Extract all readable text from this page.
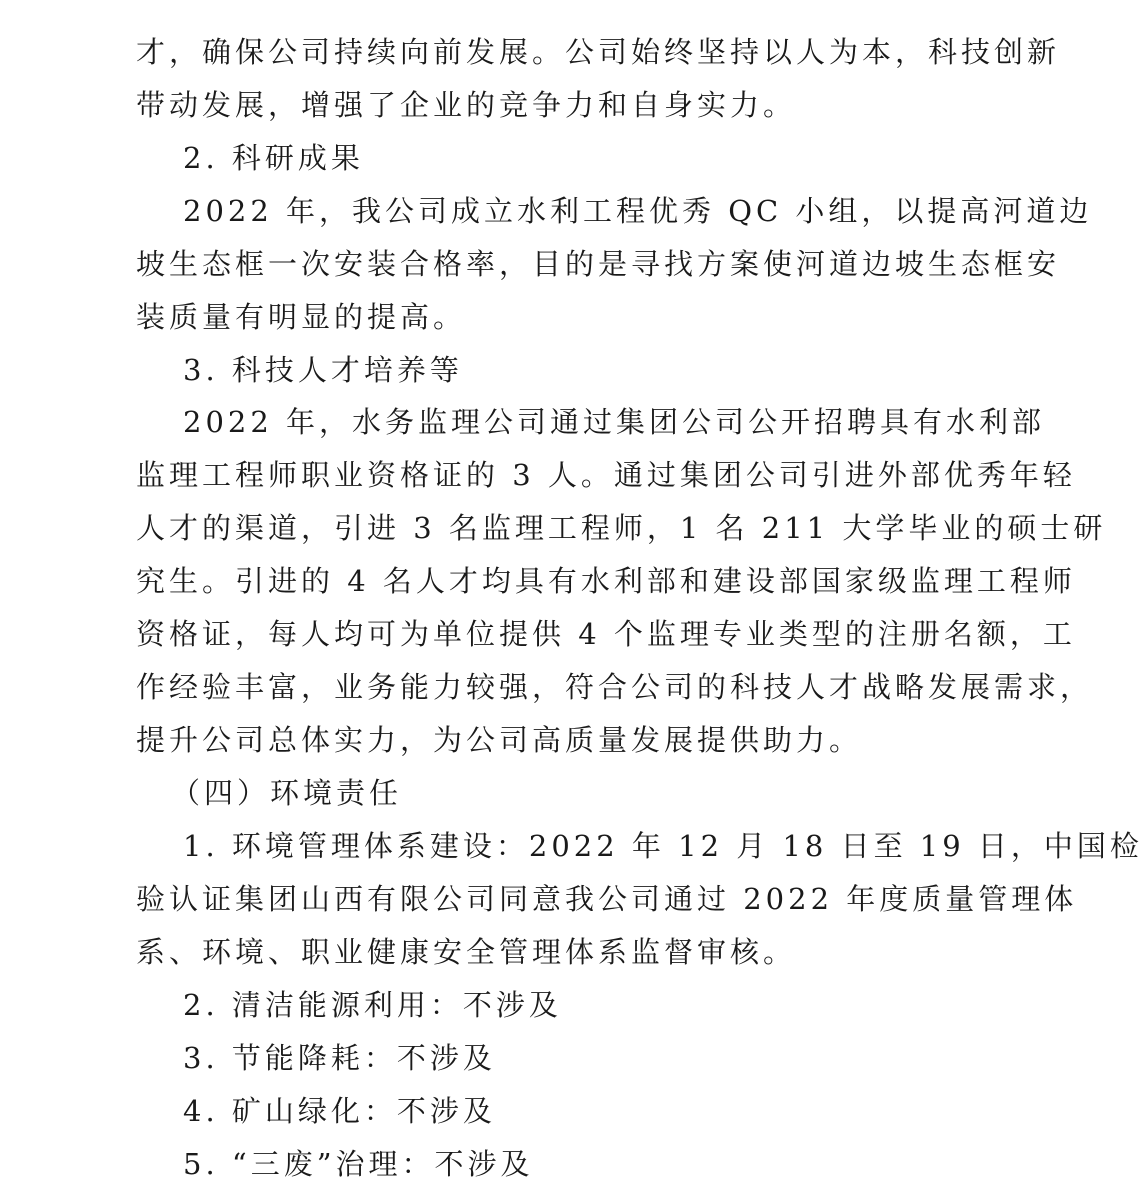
才，确保公司持续向前发展。公司始终坚持以人为本，科技创新
带动发展，增强了企业的竞争力和自身实力。
2. 科研成果
2022 年，我公司成立水利工程优秀 QC 小组，以提高河道边
坡生态框一次安装合格率，目的是寻找方案使河道边坡生态框安
装质量有明显的提高。
3. 科技人才培养等
2022 年，水务监理公司通过集团公司公开招聘具有水利部
监理工程师职业资格证的 3 人。通过集团公司引进外部优秀年轻
人才的渠道，引进 3 名监理工程师，1 名 211 大学毕业的硕士研
究生。引进的 4 名人才均具有水利部和建设部国家级监理工程师
资格证，每人均可为单位提供 4 个监理专业类型的注册名额，工
作经验丰富，业务能力较强，符合公司的科技人才战略发展需求，
提升公司总体实力，为公司高质量发展提供助力。
（四）环境责任
1. 环境管理体系建设：2022 年 12 月 18 日至 19 日，中国检
验认证集团山西有限公司同意我公司通过 2022 年度质量管理体
系、环境、职业健康安全管理体系监督审核。
2. 清洁能源利用：不涉及
3. 节能降耗：不涉及
4. 矿山绿化：不涉及
5. “三废”治理：不涉及
